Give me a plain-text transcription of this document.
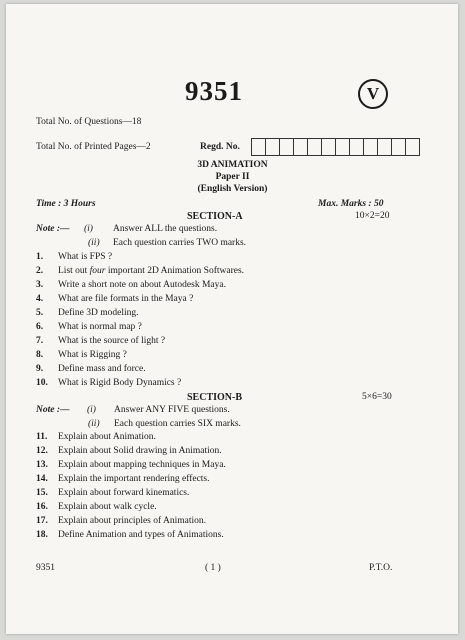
9351	V
Total No. of Questions—18
Total No. of Printed Pages—2	Regd. No.
3D ANIMATION
Paper II
(English Version)
Time : 3 Hours	Max. Marks : 50
SECTION-A	10×2=20
Note :— (i) Answer ALL the questions.
(ii) Each question carries TWO marks.
1. What is FPS ?
2. List out four important 2D Animation Softwares.
3. Write a short note on about Autodesk Maya.
4. What are file formats in the Maya ?
5. Define 3D modeling.
6. What is normal map ?
7. What is the source of light ?
8. What is Rigging ?
9. Define mass and force.
10. What is Rigid Body Dynamics ?
SECTION-B	5×6=30
Note :— (i) Answer ANY FIVE questions.
(ii) Each question carries SIX marks.
11. Explain about Animation.
12. Explain about Solid drawing in Animation.
13. Explain about mapping techniques in Maya.
14. Explain the important rendering effects.
15. Explain about forward kinematics.
16. Explain about walk cycle.
17. Explain about principles of Animation.
18. Define Animation and types of Animations.
9351	( 1 )	P.T.O.
